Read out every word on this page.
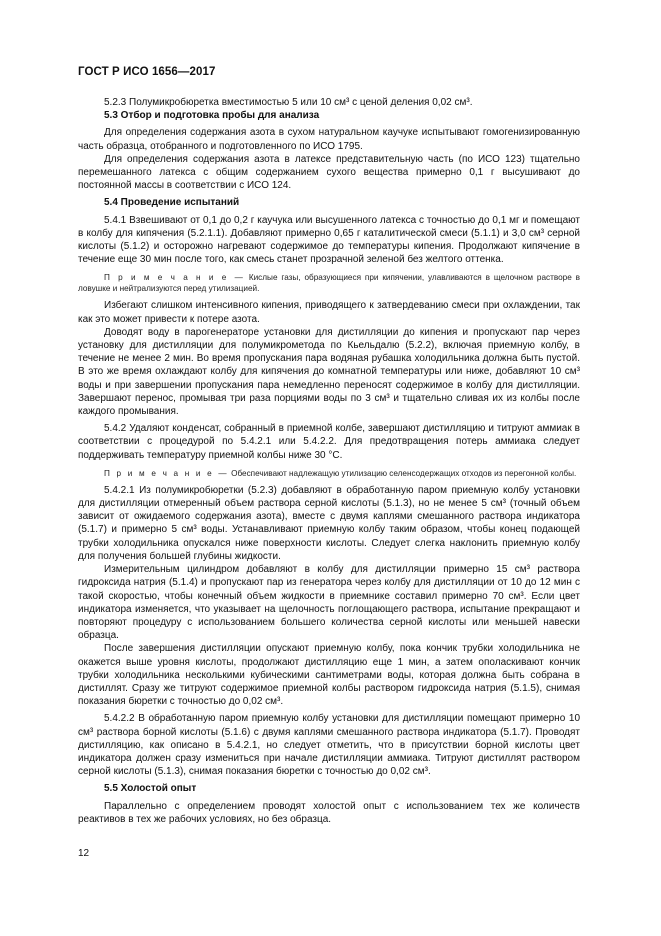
ГОСТ Р ИСО 1656—2017

5.2.3 Полумикробюретка вместимостью 5 или 10 см³ с ценой деления 0,02 см³.

5.3 Отбор и подготовка пробы для анализа

Для определения содержания азота в сухом натуральном каучуке испытывают гомогенизированную часть образца, отобранного и подготовленного по ИСО 1795.

Для определения содержания азота в латексе представительную часть (по ИСО 123) тщательно перемешанного латекса с общим содержанием сухого вещества примерно 0,1 г высушивают до постоянной массы в соответствии с ИСО 124.

5.4 Проведение испытаний

5.4.1 Взвешивают от 0,1 до 0,2 г каучука или высушенного латекса с точностью до 0,1 мг и помещают в колбу для кипячения (5.2.1.1). Добавляют примерно 0,65 г каталитической смеси (5.1.1) и 3,0 см³ серной кислоты (5.1.2) и осторожно нагревают содержимое до температуры кипения. Продолжают кипячение в течение еще 30 мин после того, как смесь станет прозрачной зеленой без желтого оттенка.

П р и м е ч а н и е — Кислые газы, образующиеся при кипячении, улавливаются в щелочном растворе в ловушке и нейтрализуются перед утилизацией.

Избегают слишком интенсивного кипения, приводящего к затвердеванию смеси при охлаждении, так как это может привести к потере азота.

Доводят воду в парогенераторе установки для дистилляции до кипения и пропускают пар через установку для дистилляции для полумикрометода по Кьельдалю (5.2.2), включая приемную колбу, в течение не менее 2 мин. Во время пропускания пара водяная рубашка холодильника должна быть пустой. В это же время охлаждают колбу для кипячения до комнатной температуры или ниже, добавляют 10 см³ воды и при завершении пропускания пара немедленно переносят содержимое в колбу для дистилляции. Завершают перенос, промывая три раза порциями воды по 3 см³ и тщательно сливая их из колбы после каждого промывания.

5.4.2 Удаляют конденсат, собранный в приемной колбе, завершают дистилляцию и титруют аммиак в соответствии с процедурой по 5.4.2.1 или 5.4.2.2. Для предотвращения потерь аммиака следует поддерживать температуру приемной колбы ниже 30 °С.

П р и м е ч а н и е — Обеспечивают надлежащую утилизацию селенсодержащих отходов из перегонной колбы.

5.4.2.1 Из полумикробюретки (5.2.3) добавляют в обработанную паром приемную колбу установки для дистилляции отмеренный объем раствора серной кислоты (5.1.3), но не менее 5 см³ (точный объем зависит от ожидаемого содержания азота), вместе с двумя каплями смешанного раствора индикатора (5.1.7) и примерно 5 см³ воды. Устанавливают приемную колбу таким образом, чтобы конец подающей трубки холодильника опускался ниже поверхности кислоты. Следует слегка наклонить приемную колбу для получения большей глубины жидкости.

Измерительным цилиндром добавляют в колбу для дистилляции примерно 15 см³ раствора гидроксида натрия (5.1.4) и пропускают пар из генератора через колбу для дистилляции от 10 до 12 мин с такой скоростью, чтобы конечный объем жидкости в приемнике составил примерно 70 см³. Если цвет индикатора изменяется, что указывает на щелочность поглощающего раствора, испытание прекращают и повторяют процедуру с использованием большего количества серной кислоты или меньшей навески образца.

После завершения дистилляции опускают приемную колбу, пока кончик трубки холодильника не окажется выше уровня кислоты, продолжают дистилляцию еще 1 мин, а затем ополаскивают кончик трубки холодильника несколькими кубическими сантиметрами воды, которая должна быть собрана в дистиллят. Сразу же титруют содержимое приемной колбы раствором гидроксида натрия (5.1.5), снимая показания бюретки с точностью до 0,02 см³.

5.4.2.2 В обработанную паром приемную колбу установки для дистилляции помещают примерно 10 см³ раствора борной кислоты (5.1.6) с двумя каплями смешанного раствора индикатора (5.1.7). Проводят дистилляцию, как описано в 5.4.2.1, но следует отметить, что в присутствии борной кислоты цвет индикатора должен сразу измениться при начале дистилляции аммиака. Титруют дистиллят раствором серной кислоты (5.1.3), снимая показания бюретки с точностью до 0,02 см³.

5.5 Холостой опыт

Параллельно с определением проводят холостой опыт с использованием тех же количеств реактивов в тех же рабочих условиях, но без образца.

12
